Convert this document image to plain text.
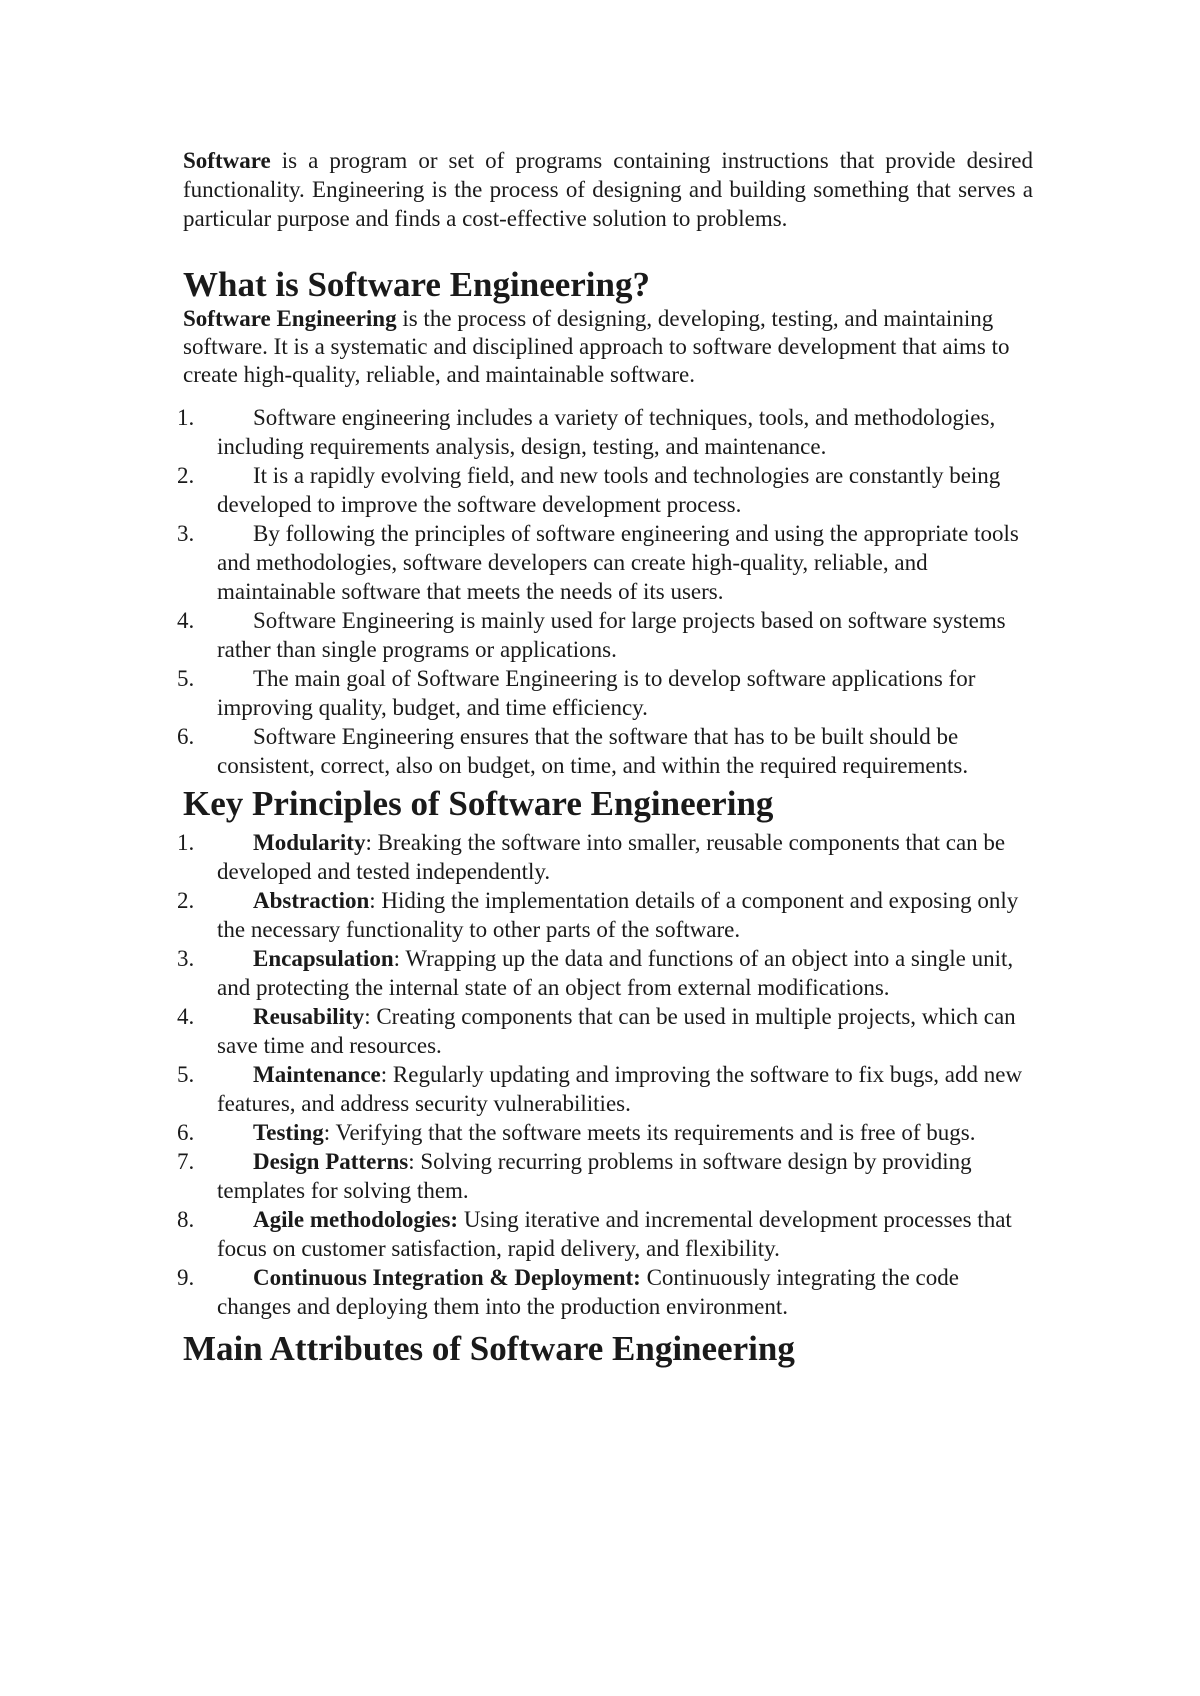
Software is a program or set of programs containing instructions that provide desired functionality. Engineering is the process of designing and building something that serves a particular purpose and finds a cost-effective solution to problems.

What is Software Engineering?

Software Engineering is the process of designing, developing, testing, and maintaining software. It is a systematic and disciplined approach to software development that aims to create high-quality, reliable, and maintainable software.

1.	Software engineering includes a variety of techniques, tools, and methodologies, including requirements analysis, design, testing, and maintenance.
2.	It is a rapidly evolving field, and new tools and technologies are constantly being developed to improve the software development process.
3.	By following the principles of software engineering and using the appropriate tools and methodologies, software developers can create high-quality, reliable, and maintainable software that meets the needs of its users.
4.	Software Engineering is mainly used for large projects based on software systems rather than single programs or applications.
5.	The main goal of Software Engineering is to develop software applications for improving quality, budget, and time efficiency.
6.	Software Engineering ensures that the software that has to be built should be consistent, correct, also on budget, on time, and within the required requirements.
Key Principles of Software Engineering
1.	Modularity: Breaking the software into smaller, reusable components that can be developed and tested independently.
2.	Abstraction: Hiding the implementation details of a component and exposing only the necessary functionality to other parts of the software.
3.	Encapsulation: Wrapping up the data and functions of an object into a single unit, and protecting the internal state of an object from external modifications.
4.	Reusability: Creating components that can be used in multiple projects, which can save time and resources.
5.	Maintenance: Regularly updating and improving the software to fix bugs, add new features, and address security vulnerabilities.
6.	Testing: Verifying that the software meets its requirements and is free of bugs.
7.	Design Patterns: Solving recurring problems in software design by providing templates for solving them.
8.	Agile methodologies: Using iterative and incremental development processes that focus on customer satisfaction, rapid delivery, and flexibility.
9.	Continuous Integration & Deployment: Continuously integrating the code changes and deploying them into the production environment.
Main Attributes of Software Engineering
